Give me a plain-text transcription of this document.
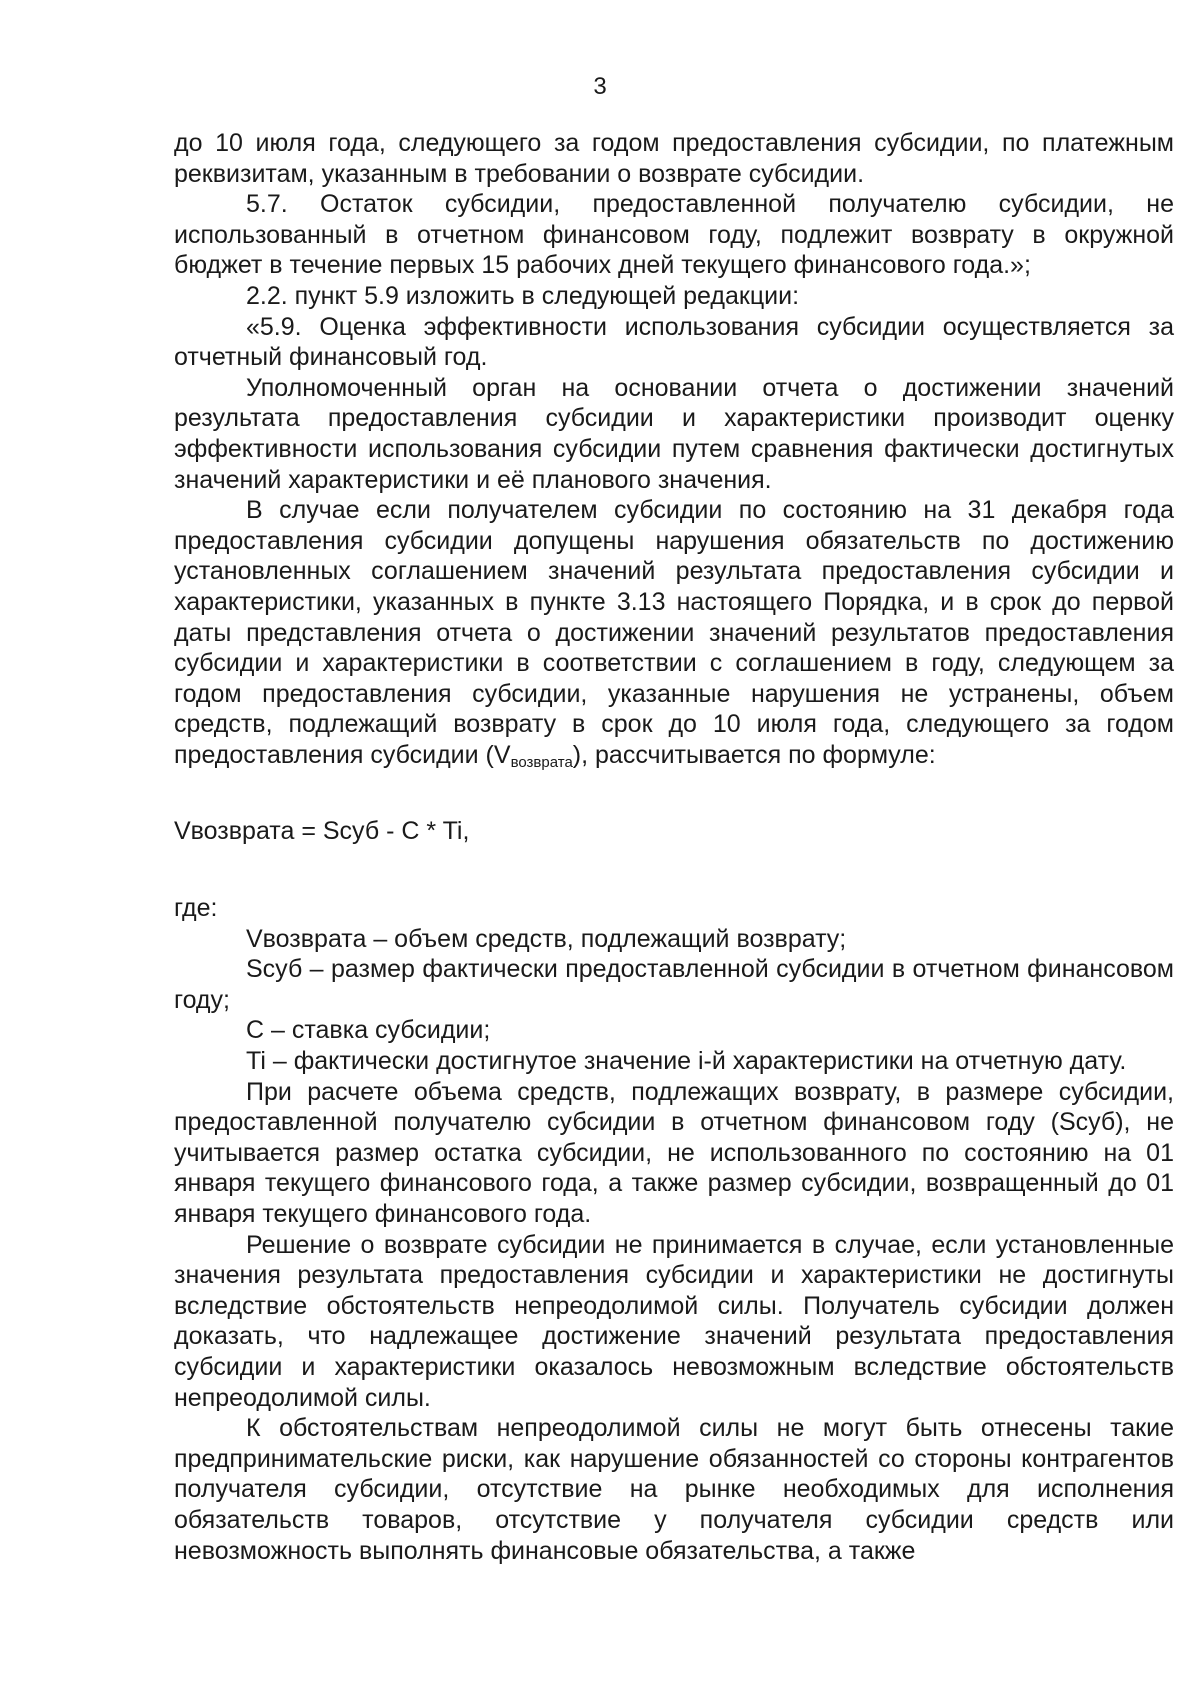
3

до 10 июля года, следующего за годом предоставления субсидии, по платежным реквизитам, указанным в требовании о возврате субсидии.

5.7. Остаток субсидии, предоставленной получателю субсидии, не использованный в отчетном финансовом году, подлежит возврату в окружной бюджет в течение первых 15 рабочих дней текущего финансового года.»;

2.2. пункт 5.9 изложить в следующей редакции:

«5.9. Оценка эффективности использования субсидии осуществляется за отчетный финансовый год.

Уполномоченный орган на основании отчета о достижении значений результата предоставления субсидии и характеристики производит оценку эффективности использования субсидии путем сравнения фактически достигнутых значений характеристики и её планового значения.

В случае если получателем субсидии по состоянию на 31 декабря года предоставления субсидии допущены нарушения обязательств по достижению установленных соглашением значений результата предоставления субсидии и характеристики, указанных в пункте 3.13 настоящего Порядка, и в срок до первой даты представления отчета о достижении значений результатов предоставления субсидии и характеристики в соответствии с соглашением в году, следующем за годом предоставления субсидии, указанные нарушения не устранены, объем средств, подлежащий возврату в срок до 10 июля года, следующего за годом предоставления субсидии $(V_{возврата})$, рассчитывается по формуле:

Vвозврата = Sсуб - C * Ti,

где:

Vвозврата – объем средств, подлежащий возврату;

Sсуб – размер фактически предоставленной субсидии в отчетном финансовом году;

C – ставка субсидии;

Ti – фактически достигнутое значение i-й характеристики на отчетную дату.

При расчете объема средств, подлежащих возврату, в размере субсидии, предоставленной получателю субсидии в отчетном финансовом году (Sсуб), не учитывается размер остатка субсидии, не использованного по состоянию на 01 января текущего финансового года, а также размер субсидии, возвращенный до 01 января текущего финансового года.

Решение о возврате субсидии не принимается в случае, если установленные значения результата предоставления субсидии и характеристики не достигнуты вследствие обстоятельств непреодолимой силы. Получатель субсидии должен доказать, что надлежащее достижение значений результата предоставления субсидии и характеристики оказалось невозможным вследствие обстоятельств непреодолимой силы.

К обстоятельствам непреодолимой силы не могут быть отнесены такие предпринимательские риски, как нарушение обязанностей со стороны контрагентов получателя субсидии, отсутствие на рынке необходимых для исполнения обязательств товаров, отсутствие у получателя субсидии средств или невозможность выполнять финансовые обязательства, а также
